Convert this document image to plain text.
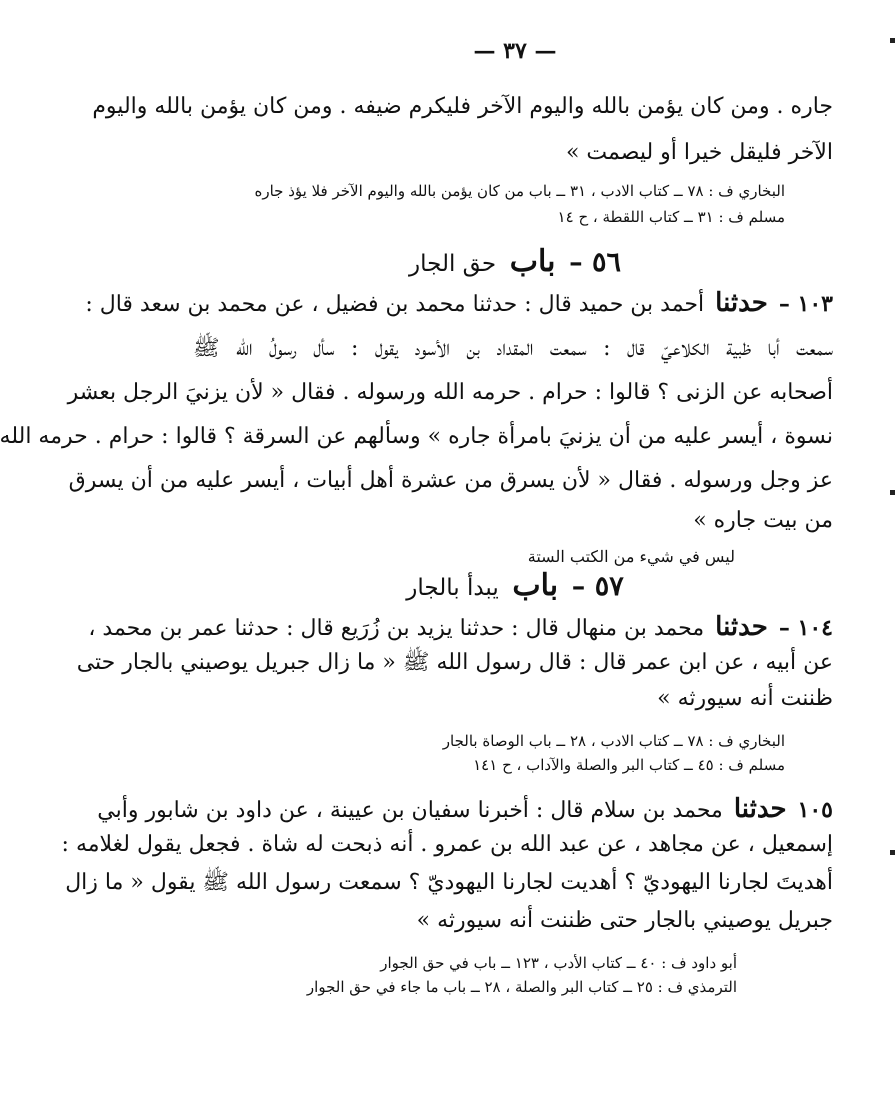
— ٣٧ —
جاره . ومن كان يؤمن بالله واليوم الآخر فليكرم ضيفه . ومن كان يؤمن بالله واليوم
الآخر فليقل خيرا أو ليصمت »
البخاري ف : ٧٨ ــ كتاب الادب ، ٣١ ــ باب من كان يؤمن بالله واليوم الآخر فلا يؤذ جاره
مسلم ف : ٣١ ــ كتاب اللقطة ، ح ١٤
٥٦ – باب حق الجار
١٠٣ – حدثنا أحمد بن حميد قال : حدثنا محمد بن فضيل ، عن محمد بن سعد قال :
سمعت أبا ظبية الكلاعيّ قال : سمعت المقداد بن الأسود يقول : سأل رسولُ الله ﷺ
أصحابه عن الزنى ؟ قالوا : حرام . حرمه الله ورسوله . فقال « لأن يزنيَ الرجل بعشر
نسوة ، أيسر عليه من أن يزنيَ بامرأة جاره » وسألهم عن السرقة ؟ قالوا : حرام . حرمه الله
عز وجل ورسوله . فقال « لأن يسرق من عشرة أهل أبيات ، أيسر عليه من أن يسرق
من بيت جاره »
ليس في شيء من الكتب الستة
٥٧ – باب يبدأ بالجار
١٠٤ – حدثنا محمد بن منهال قال : حدثنا يزيد بن زُرَيع قال : حدثنا عمر بن محمد ،
عن أبيه ، عن ابن عمر قال : قال رسول الله ﷺ « ما زال جبريل يوصيني بالجار حتى
ظننت أنه سيورثه »
البخاري ف : ٧٨ ــ كتاب الادب ، ٢٨ ــ باب الوصاة بالجار
مسلم ف : ٤٥ ــ كتاب البر والصلة والآداب ، ح ١٤١
١٠٥ حدثنا محمد بن سلام قال : أخبرنا سفيان بن عيينة ، عن داود بن شابور وأبي
إسمعيل ، عن مجاهد ، عن عبد الله بن عمرو . أنه ذبحت له شاة . فجعل يقول لغلامه :
أهديتَ لجارنا اليهوديّ ؟ أهديت لجارنا اليهوديّ ؟ سمعت رسول الله ﷺ يقول « ما زال
جبريل يوصيني بالجار حتى ظننت أنه سيورثه »
أبو داود ف : ٤٠ ــ كتاب الأدب ، ١٢٣ ــ باب في حق الجوار
الترمذي ف : ٢٥ ــ كتاب البر والصلة ، ٢٨ ــ باب ما جاء في حق الجوار
